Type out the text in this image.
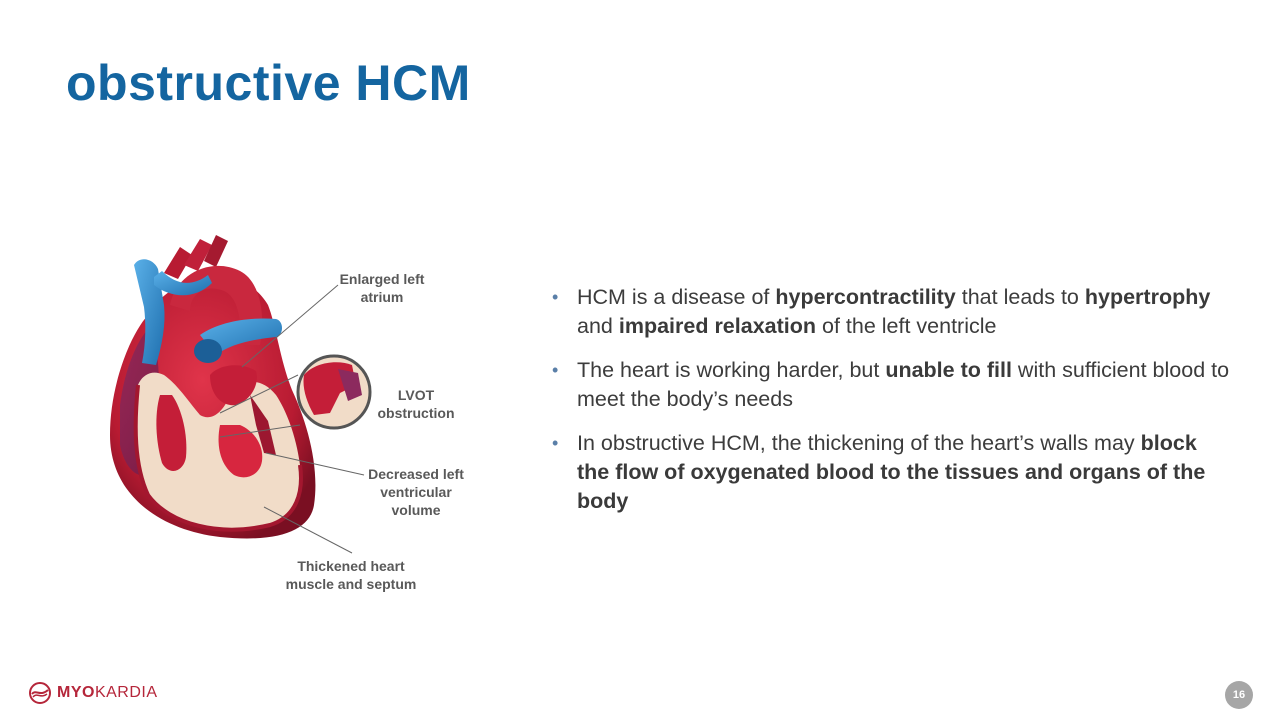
obstructive HCM
Enlarged left
atrium
LVOT
obstruction
Decreased left
ventricular
volume
Thickened heart
muscle and septum
• HCM is a disease of hypercontractility that leads to hypertrophy and impaired relaxation of the left ventricle
• The heart is working harder, but unable to fill with sufficient blood to meet the body’s needs
• In obstructive HCM, the thickening of the heart’s walls may block the flow of oxygenated blood to the tissues and organs of the body
MYOKARDIA	16
